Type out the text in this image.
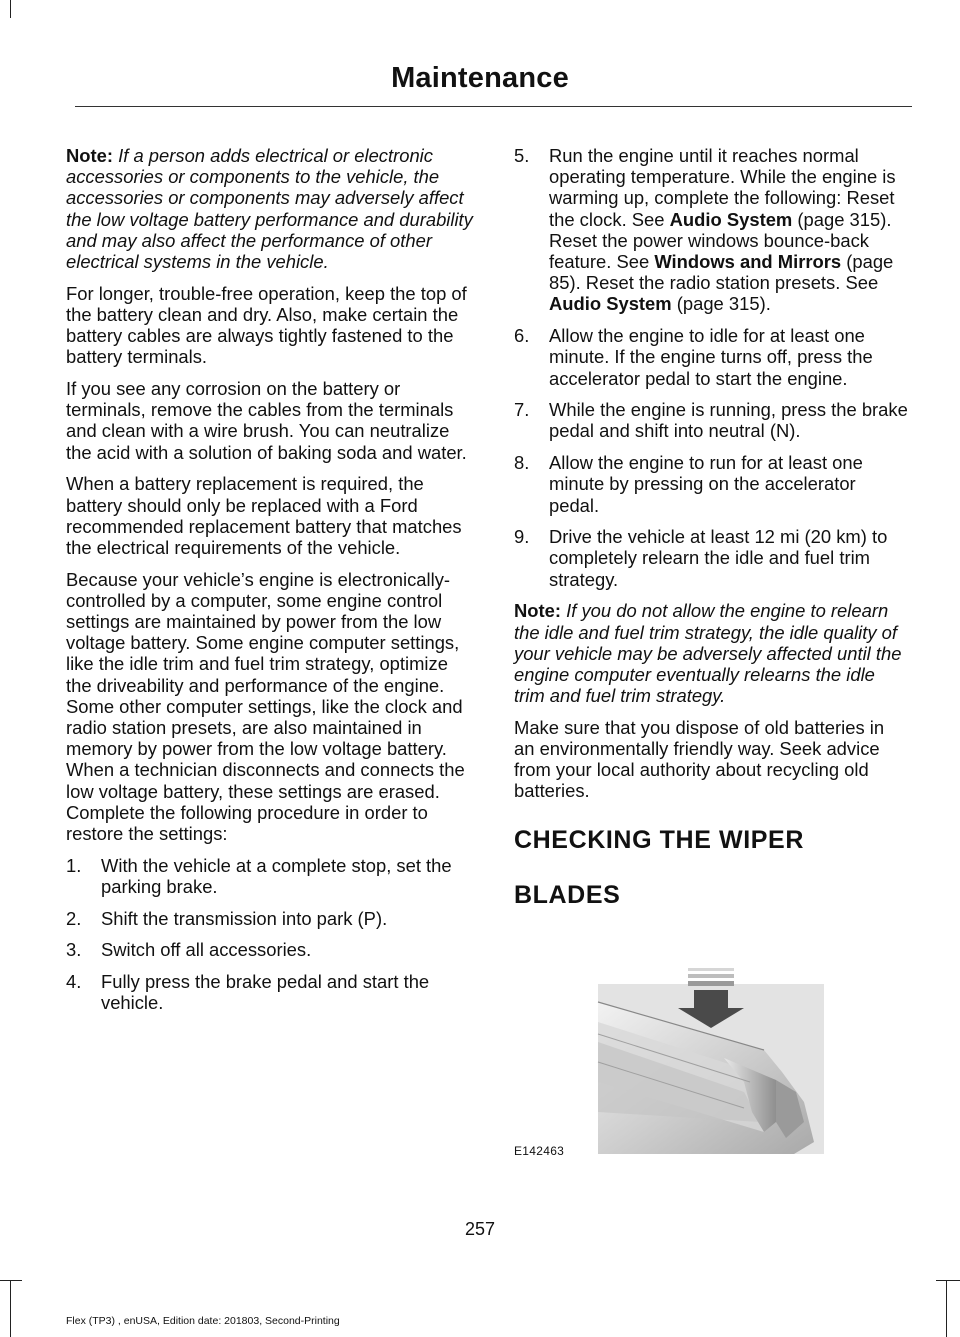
Maintenance

Note: If a person adds electrical or electronic accessories or components to the vehicle, the accessories or components may adversely affect the low voltage battery performance and durability and may also affect the performance of other electrical systems in the vehicle.

For longer, trouble-free operation, keep the top of the battery clean and dry. Also, make certain the battery cables are always tightly fastened to the battery terminals.

If you see any corrosion on the battery or terminals, remove the cables from the terminals and clean with a wire brush. You can neutralize the acid with a solution of baking soda and water.

When a battery replacement is required, the battery should only be replaced with a Ford recommended replacement battery that matches the electrical requirements of the vehicle.

Because your vehicle’s engine is electronically-controlled by a computer, some engine control settings are maintained by power from the low voltage battery. Some engine computer settings, like the idle trim and fuel trim strategy, optimize the driveability and performance of the engine. Some other computer settings, like the clock and radio station presets, are also maintained in memory by power from the low voltage battery. When a technician disconnects and connects the low voltage battery, these settings are erased. Complete the following procedure in order to restore the settings:

1. With the vehicle at a complete stop, set the parking brake.
2. Shift the transmission into park (P).
3. Switch off all accessories.
4. Fully press the brake pedal and start the vehicle.
5. Run the engine until it reaches normal operating temperature. While the engine is warming up, complete the following: Reset the clock. See Audio System (page 315). Reset the power windows bounce-back feature. See Windows and Mirrors (page 85). Reset the radio station presets. See Audio System (page 315).
6. Allow the engine to idle for at least one minute. If the engine turns off, press the accelerator pedal to start the engine.
7. While the engine is running, press the brake pedal and shift into neutral (N).
8. Allow the engine to run for at least one minute by pressing on the accelerator pedal.
9. Drive the vehicle at least 12 mi (20 km) to completely relearn the idle and fuel trim strategy.

Note: If you do not allow the engine to relearn the idle and fuel trim strategy, the idle quality of your vehicle may be adversely affected until the engine computer eventually relearns the idle trim and fuel trim strategy.

Make sure that you dispose of old batteries in an environmentally friendly way. Seek advice from your local authority about recycling old batteries.

CHECKING THE WIPER
BLADES
E142463
257
Flex (TP3) , enUSA, Edition date: 201803, Second-Printing
